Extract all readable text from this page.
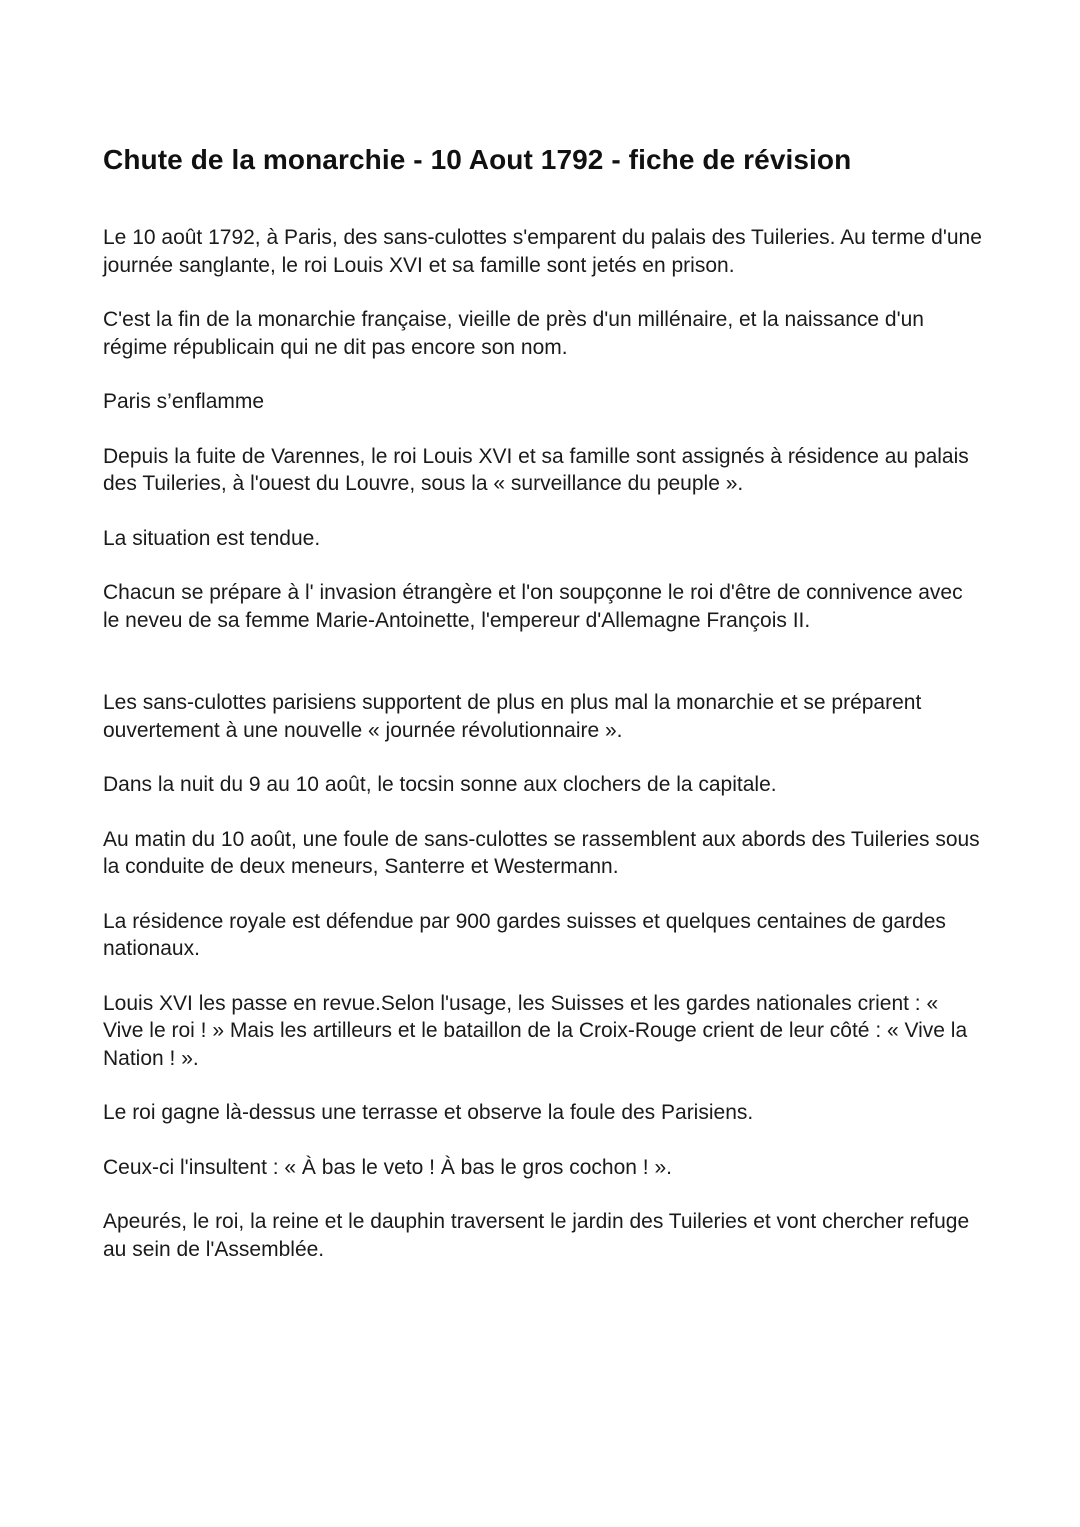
Chute de la monarchie - 10 Aout 1792 - fiche de révision

Le 10 août 1792, à Paris, des sans-culottes s'emparent du palais des Tuileries. Au terme d'une journée sanglante, le roi Louis XVI et sa famille sont jetés en prison.

C'est la fin de la monarchie française, vieille de près d'un millénaire, et la naissance d'un régime républicain qui ne dit pas encore son nom.

Paris s’enflamme

Depuis la fuite de Varennes, le roi Louis XVI et sa famille sont assignés à résidence au palais des Tuileries, à l'ouest du Louvre, sous la « surveillance du peuple ».

La situation est tendue.

Chacun se prépare à l' invasion étrangère et l'on soupçonne le roi d'être de connivence avec le neveu de sa femme Marie-Antoinette, l'empereur d'Allemagne François II.

Les sans-culottes parisiens supportent de plus en plus mal la monarchie et se préparent ouvertement à une nouvelle « journée révolutionnaire ».

Dans la nuit du 9 au 10 août, le tocsin sonne aux clochers de la capitale.

Au matin du 10 août, une foule de sans-culottes se rassemblent aux abords des Tuileries sous la conduite de deux meneurs, Santerre et Westermann.

La résidence royale est défendue par 900 gardes suisses et quelques centaines de gardes nationaux.

Louis XVI les passe en revue.Selon l'usage, les Suisses et les gardes nationales crient : « Vive le roi ! » Mais les artilleurs et le bataillon de la Croix-Rouge crient de leur côté : « Vive la Nation ! ».

Le roi gagne là-dessus une terrasse et observe la foule des Parisiens.

Ceux-ci l'insultent : « À bas le veto ! À bas le gros cochon ! ».

Apeurés, le roi, la reine et le dauphin traversent le jardin des Tuileries et vont chercher refuge au sein de l'Assemblée.
